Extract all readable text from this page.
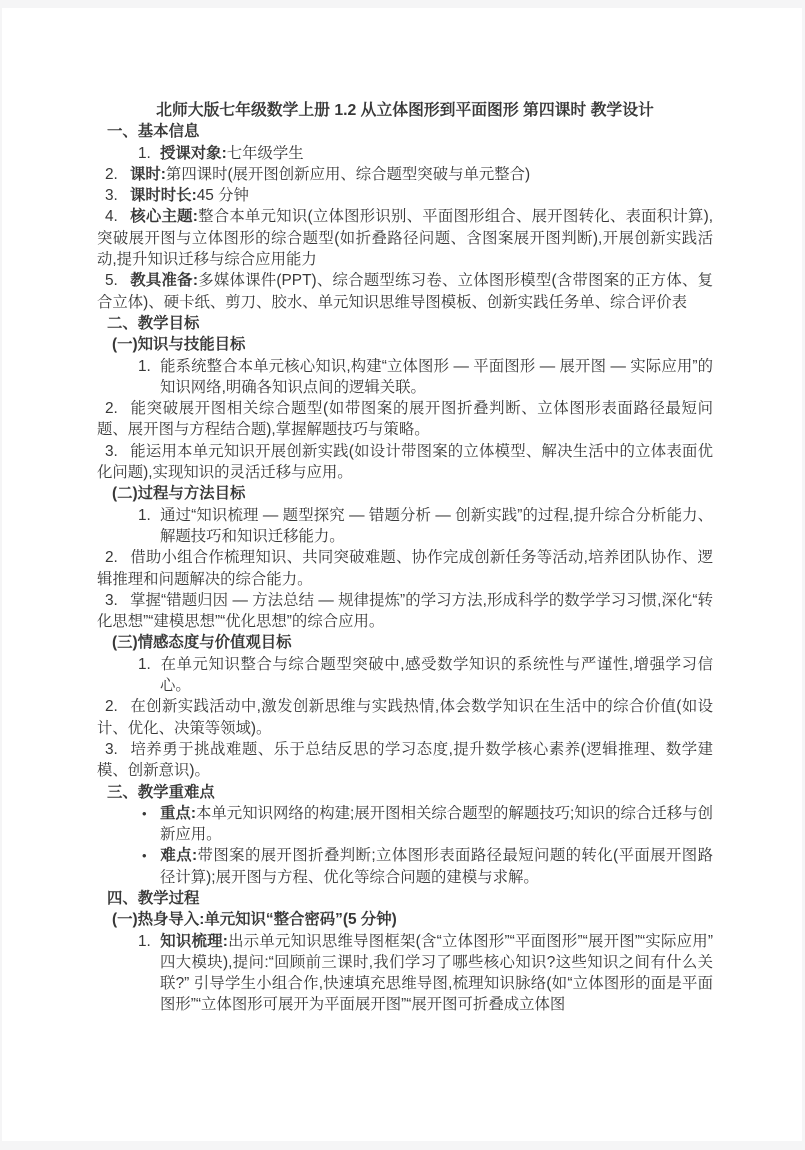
北师大版七年级数学上册 1.2 从立体图形到平面图形 第四课时 教学设计
一、基本信息
1. 授课对象:七年级学生
2. 课时:第四课时(展开图创新应用、综合题型突破与单元整合)
3. 课时时长:45 分钟
4. 核心主题:整合本单元知识(立体图形识别、平面图形组合、展开图转化、表面积计算),突破展开图与立体图形的综合题型(如折叠路径问题、含图案展开图判断),开展创新实践活动,提升知识迁移与综合应用能力
5. 教具准备:多媒体课件(PPT)、综合题型练习卷、立体图形模型(含带图案的正方体、复合立体)、硬卡纸、剪刀、胶水、单元知识思维导图模板、创新实践任务单、综合评价表
二、教学目标
(一)知识与技能目标
1. 能系统整合本单元核心知识,构建“立体图形 — 平面图形 — 展开图 — 实际应用”的知识网络,明确各知识点间的逻辑关联。
2. 能突破展开图相关综合题型(如带图案的展开图折叠判断、立体图形表面路径最短问题、展开图与方程结合题),掌握解题技巧与策略。
3. 能运用本单元知识开展创新实践(如设计带图案的立体模型、解决生活中的立体表面优化问题),实现知识的灵活迁移与应用。
(二)过程与方法目标
1. 通过“知识梳理 — 题型探究 — 错题分析 — 创新实践”的过程,提升综合分析能力、解题技巧和知识迁移能力。
2. 借助小组合作梳理知识、共同突破难题、协作完成创新任务等活动,培养团队协作、逻辑推理和问题解决的综合能力。
3. 掌握“错题归因 — 方法总结 — 规律提炼”的学习方法,形成科学的数学学习习惯,深化“转化思想”“建模思想”“优化思想”的综合应用。
(三)情感态度与价值观目标
1. 在单元知识整合与综合题型突破中,感受数学知识的系统性与严谨性,增强学习信心。
2. 在创新实践活动中,激发创新思维与实践热情,体会数学知识在生活中的综合价值(如设计、优化、决策等领域)。
3. 培养勇于挑战难题、乐于总结反思的学习态度,提升数学核心素养(逻辑推理、数学建模、创新意识)。
三、教学重难点
• 重点:本单元知识网络的构建;展开图相关综合题型的解题技巧;知识的综合迁移与创新应用。
• 难点:带图案的展开图折叠判断;立体图形表面路径最短问题的转化(平面展开图路径计算);展开图与方程、优化等综合问题的建模与求解。
四、教学过程
(一)热身导入:单元知识“整合密码”(5 分钟)
1. 知识梳理:出示单元知识思维导图框架(含“立体图形”“平面图形”“展开图”“实际应用” 四大模块),提问:“回顾前三课时,我们学习了哪些核心知识?这些知识之间有什么关联?” 引导学生小组合作,快速填充思维导图,梳理知识脉络(如“立体图形的面是平面图形”“立体图形可展开为平面展开图”“展开图可折叠成立体图
